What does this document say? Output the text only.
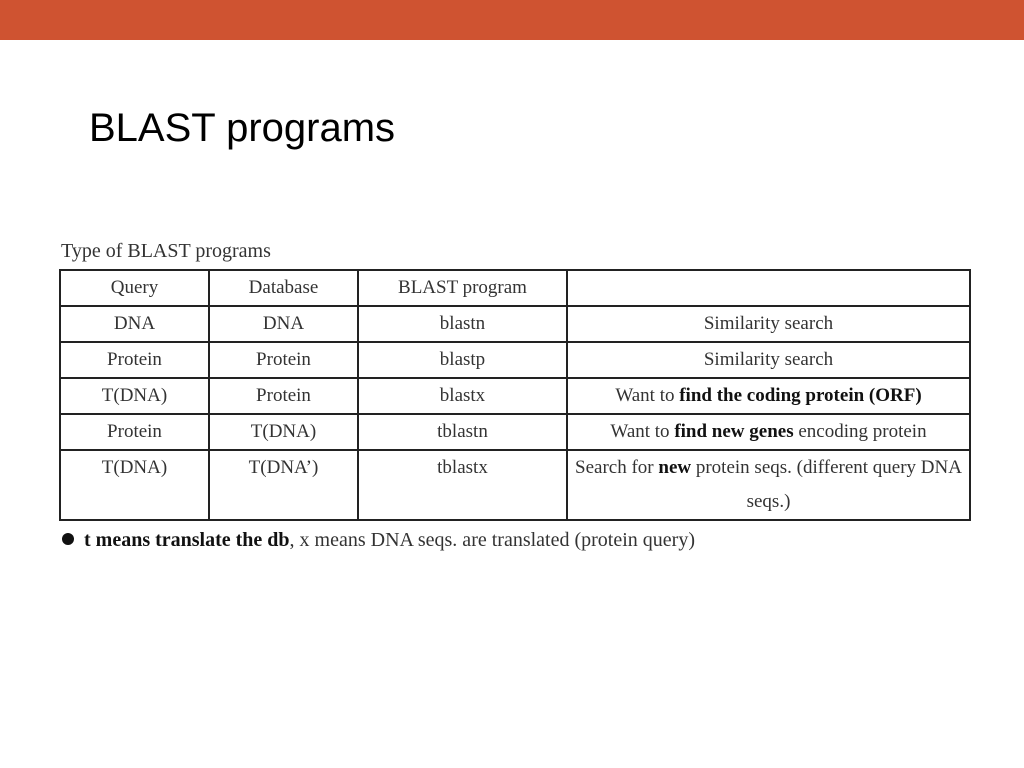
BLAST programs
Type of BLAST programs
Query	Database	BLAST program	
DNA	DNA	blastn	Similarity search
Protein	Protein	blastp	Similarity search
T(DNA)	Protein	blastx	Want to find the coding protein (ORF)
Protein	T(DNA)	tblastn	Want to find new genes encoding protein
T(DNA)	T(DNA’)	tblastx	Search for new protein seqs. (different query DNA seqs.)
t means translate the db, x means DNA seqs. are translated (protein query)
